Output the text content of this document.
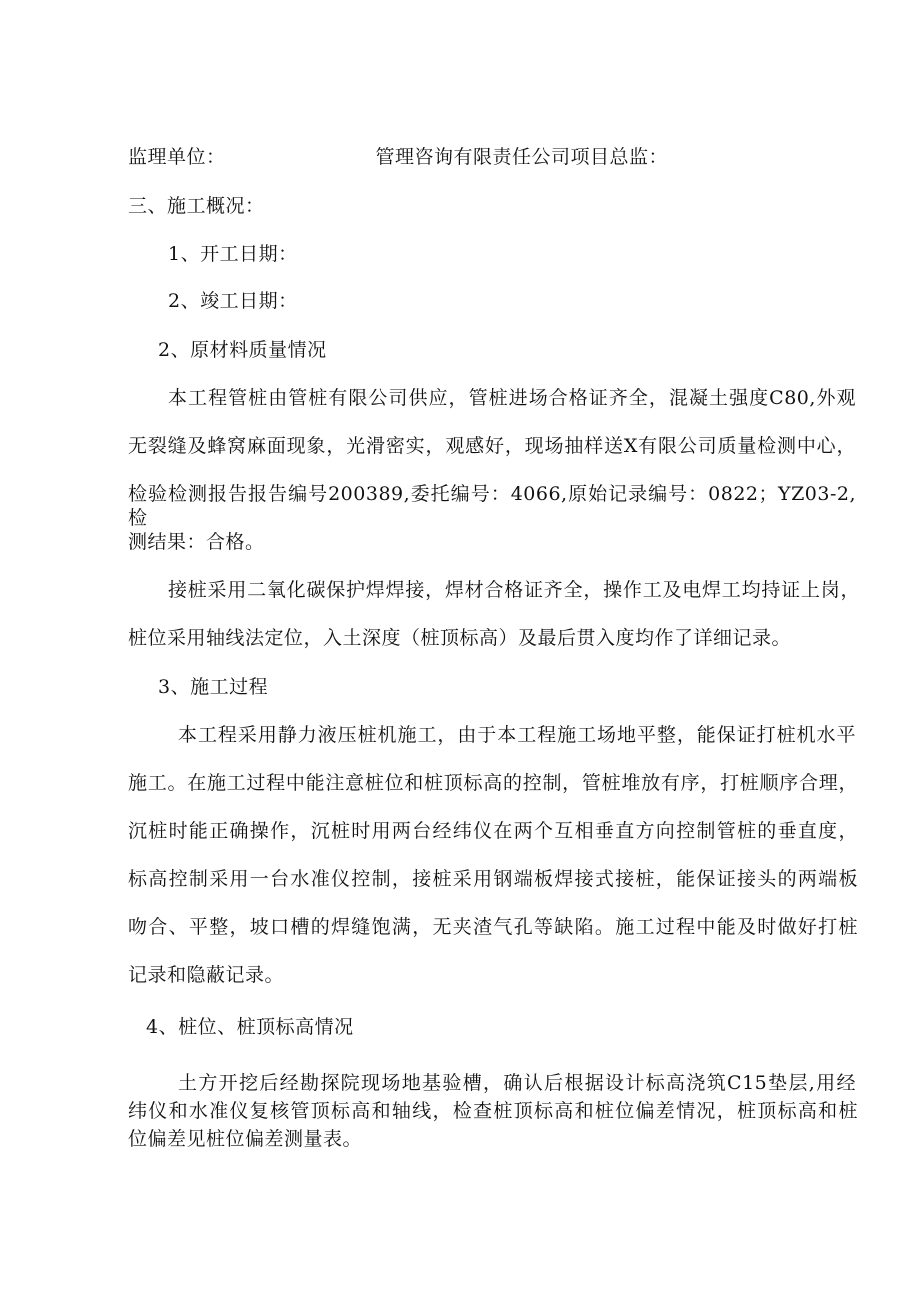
监理单位：	管理咨询有限责任公司项目总监：
三、施工概况：
1、开工日期：
2、竣工日期：
2、原材料质量情况
本工程管桩由管桩有限公司供应，管桩进场合格证齐全，混凝土强度C80,外观
无裂缝及蜂窝麻面现象，光滑密实，观感好，现场抽样送X有限公司质量检测中心，
检验检测报告报告编号200389,委托编号：4066,原始记录编号：0822；YZ03-2,检
测结果：合格。
接桩采用二氧化碳保护焊焊接，焊材合格证齐全，操作工及电焊工均持证上岗，
桩位采用轴线法定位，入土深度（桩顶标高）及最后贯入度均作了详细记录。
3、施工过程
本工程采用静力液压桩机施工，由于本工程施工场地平整，能保证打桩机水平
施工。在施工过程中能注意桩位和桩顶标高的控制，管桩堆放有序，打桩顺序合理，
沉桩时能正确操作，沉桩时用两台经纬仪在两个互相垂直方向控制管桩的垂直度，
标高控制采用一台水准仪控制，接桩采用钢端板焊接式接桩，能保证接头的两端板
吻合、平整，坡口槽的焊缝饱满，无夹渣气孔等缺陷。施工过程中能及时做好打桩
记录和隐蔽记录。
4、桩位、桩顶标高情况
土方开挖后经勘探院现场地基验槽，确认后根据设计标高浇筑C15垫层,用经
纬仪和水准仪复核管顶标高和轴线，检查桩顶标高和桩位偏差情况，桩顶标高和桩
位偏差见桩位偏差测量表。
